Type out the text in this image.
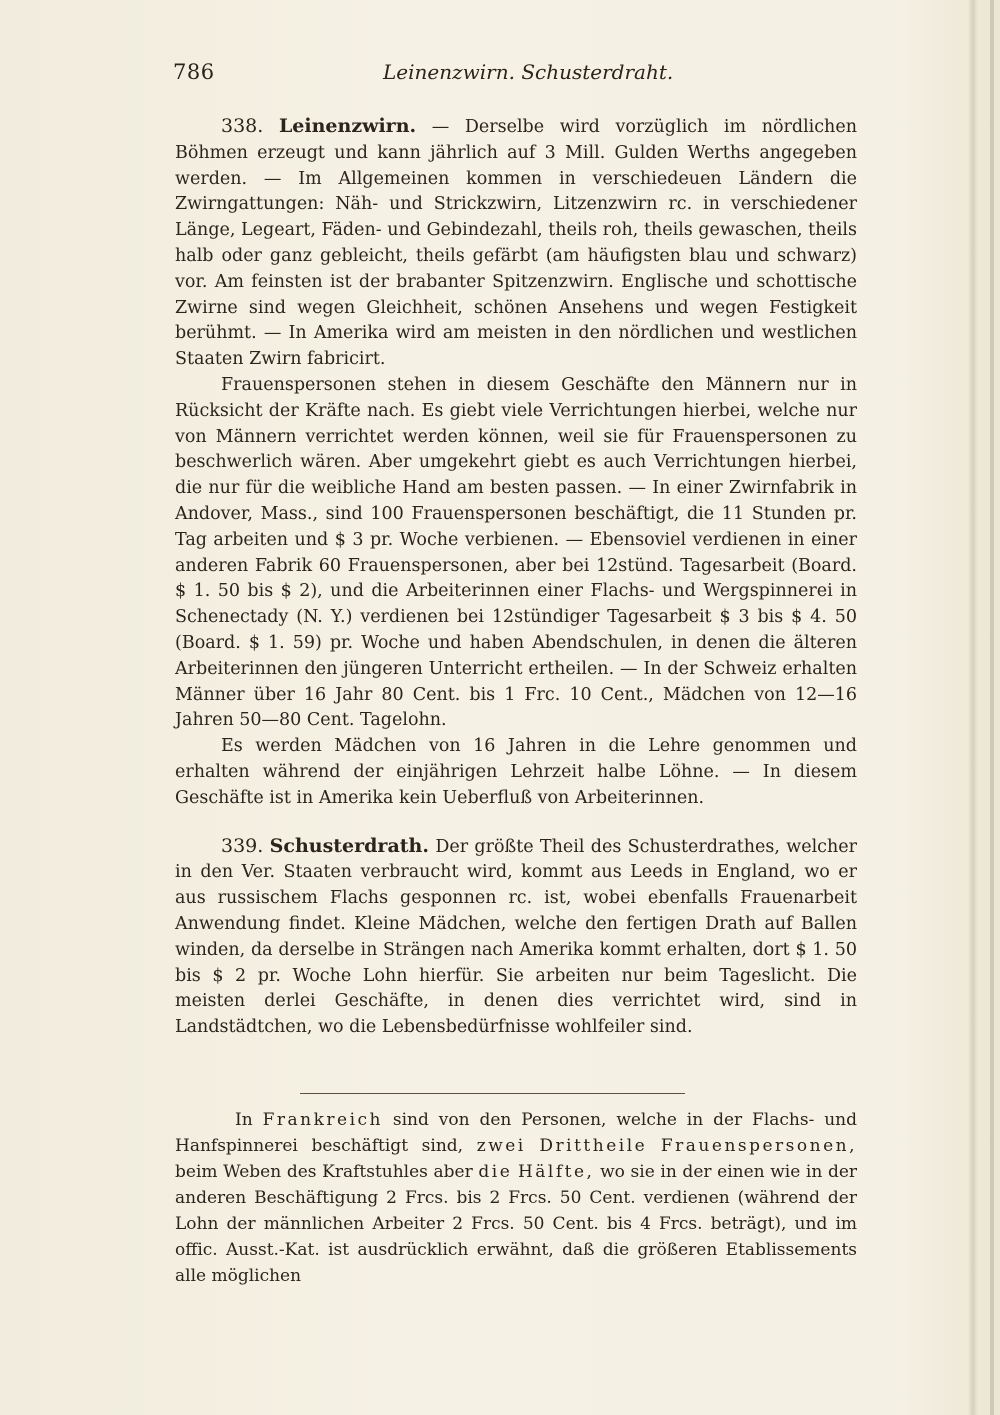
786	Leinenzwirn. Schusterdraht.

338. Leinenzwirn. — Derselbe wird vorzüglich im nördlichen Böhmen erzeugt und kann jährlich auf 3 Mill. Gulden Werths angegeben werden. — Im Allgemeinen kommen in verschiedeuen Ländern die Zwirngattungen: Näh- und Strickzwirn, Litzenzwirn rc. in verschiedener Länge, Legeart, Fäden- und Gebindezahl, theils roh, theils gewaschen, theils halb oder ganz gebleicht, theils gefärbt (am häufigsten blau und schwarz) vor. Am feinsten ist der brabanter Spitzenzwirn. Englische und schottische Zwirne sind wegen Gleichheit, schönen Ansehens und wegen Festigkeit berühmt. — In Amerika wird am meisten in den nördlichen und westlichen Staaten Zwirn fabricirt.

Frauenspersonen stehen in diesem Geschäfte den Männern nur in Rücksicht der Kräfte nach. Es giebt viele Verrichtungen hierbei, welche nur von Männern verrichtet werden können, weil sie für Frauenspersonen zu beschwerlich wären. Aber umgekehrt giebt es auch Verrichtungen hierbei, die nur für die weibliche Hand am besten passen. — In einer Zwirnfabrik in Andover, Mass., sind 100 Frauenspersonen beschäftigt, die 11 Stunden pr. Tag arbeiten und $ 3 pr. Woche verbienen. — Ebensoviel verdienen in einer anderen Fabrik 60 Frauenspersonen, aber bei 12stünd. Tagesarbeit (Board. $ 1. 50 bis $ 2), und die Arbeiterinnen einer Flachs- und Wergspinnerei in Schenectady (N. Y.) verdienen bei 12stündiger Tagesarbeit $ 3 bis $ 4. 50 (Board. $ 1. 59) pr. Woche und haben Abendschulen, in denen die älteren Arbeiterinnen den jüngeren Unterricht ertheilen. — In der Schweiz erhalten Männer über 16 Jahr 80 Cent. bis 1 Frc. 10 Cent., Mädchen von 12—16 Jahren 50—80 Cent. Tagelohn.

Es werden Mädchen von 16 Jahren in die Lehre genommen und erhalten während der einjährigen Lehrzeit halbe Löhne. — In diesem Geschäfte ist in Amerika kein Ueberfluß von Arbeiterinnen.

339. Schusterdrath. Der größte Theil des Schusterdrathes, welcher in den Ver. Staaten verbraucht wird, kommt aus Leeds in England, wo er aus russischem Flachs gesponnen rc. ist, wobei ebenfalls Frauenarbeit Anwendung findet. Kleine Mädchen, welche den fertigen Drath auf Ballen winden, da derselbe in Strängen nach Amerika kommt erhalten, dort $ 1. 50 bis $ 2 pr. Woche Lohn hierfür. Sie arbeiten nur beim Tageslicht. Die meisten derlei Geschäfte, in denen dies verrichtet wird, sind in Landstädtchen, wo die Lebensbedürfnisse wohlfeiler sind.

In Frankreich sind von den Personen, welche in der Flachs- und Hanfspinnerei beschäftigt sind, zwei Drittheile Frauenspersonen, beim Weben des Kraftstuhles aber die Hälfte, wo sie in der einen wie in der anderen Beschäftigung 2 Frcs. bis 2 Frcs. 50 Cent. verdienen (während der Lohn der männlichen Arbeiter 2 Frcs. 50 Cent. bis 4 Frcs. beträgt), und im offic. Ausst.-Kat. ist ausdrücklich erwähnt, daß die größeren Etablissements alle möglichen
